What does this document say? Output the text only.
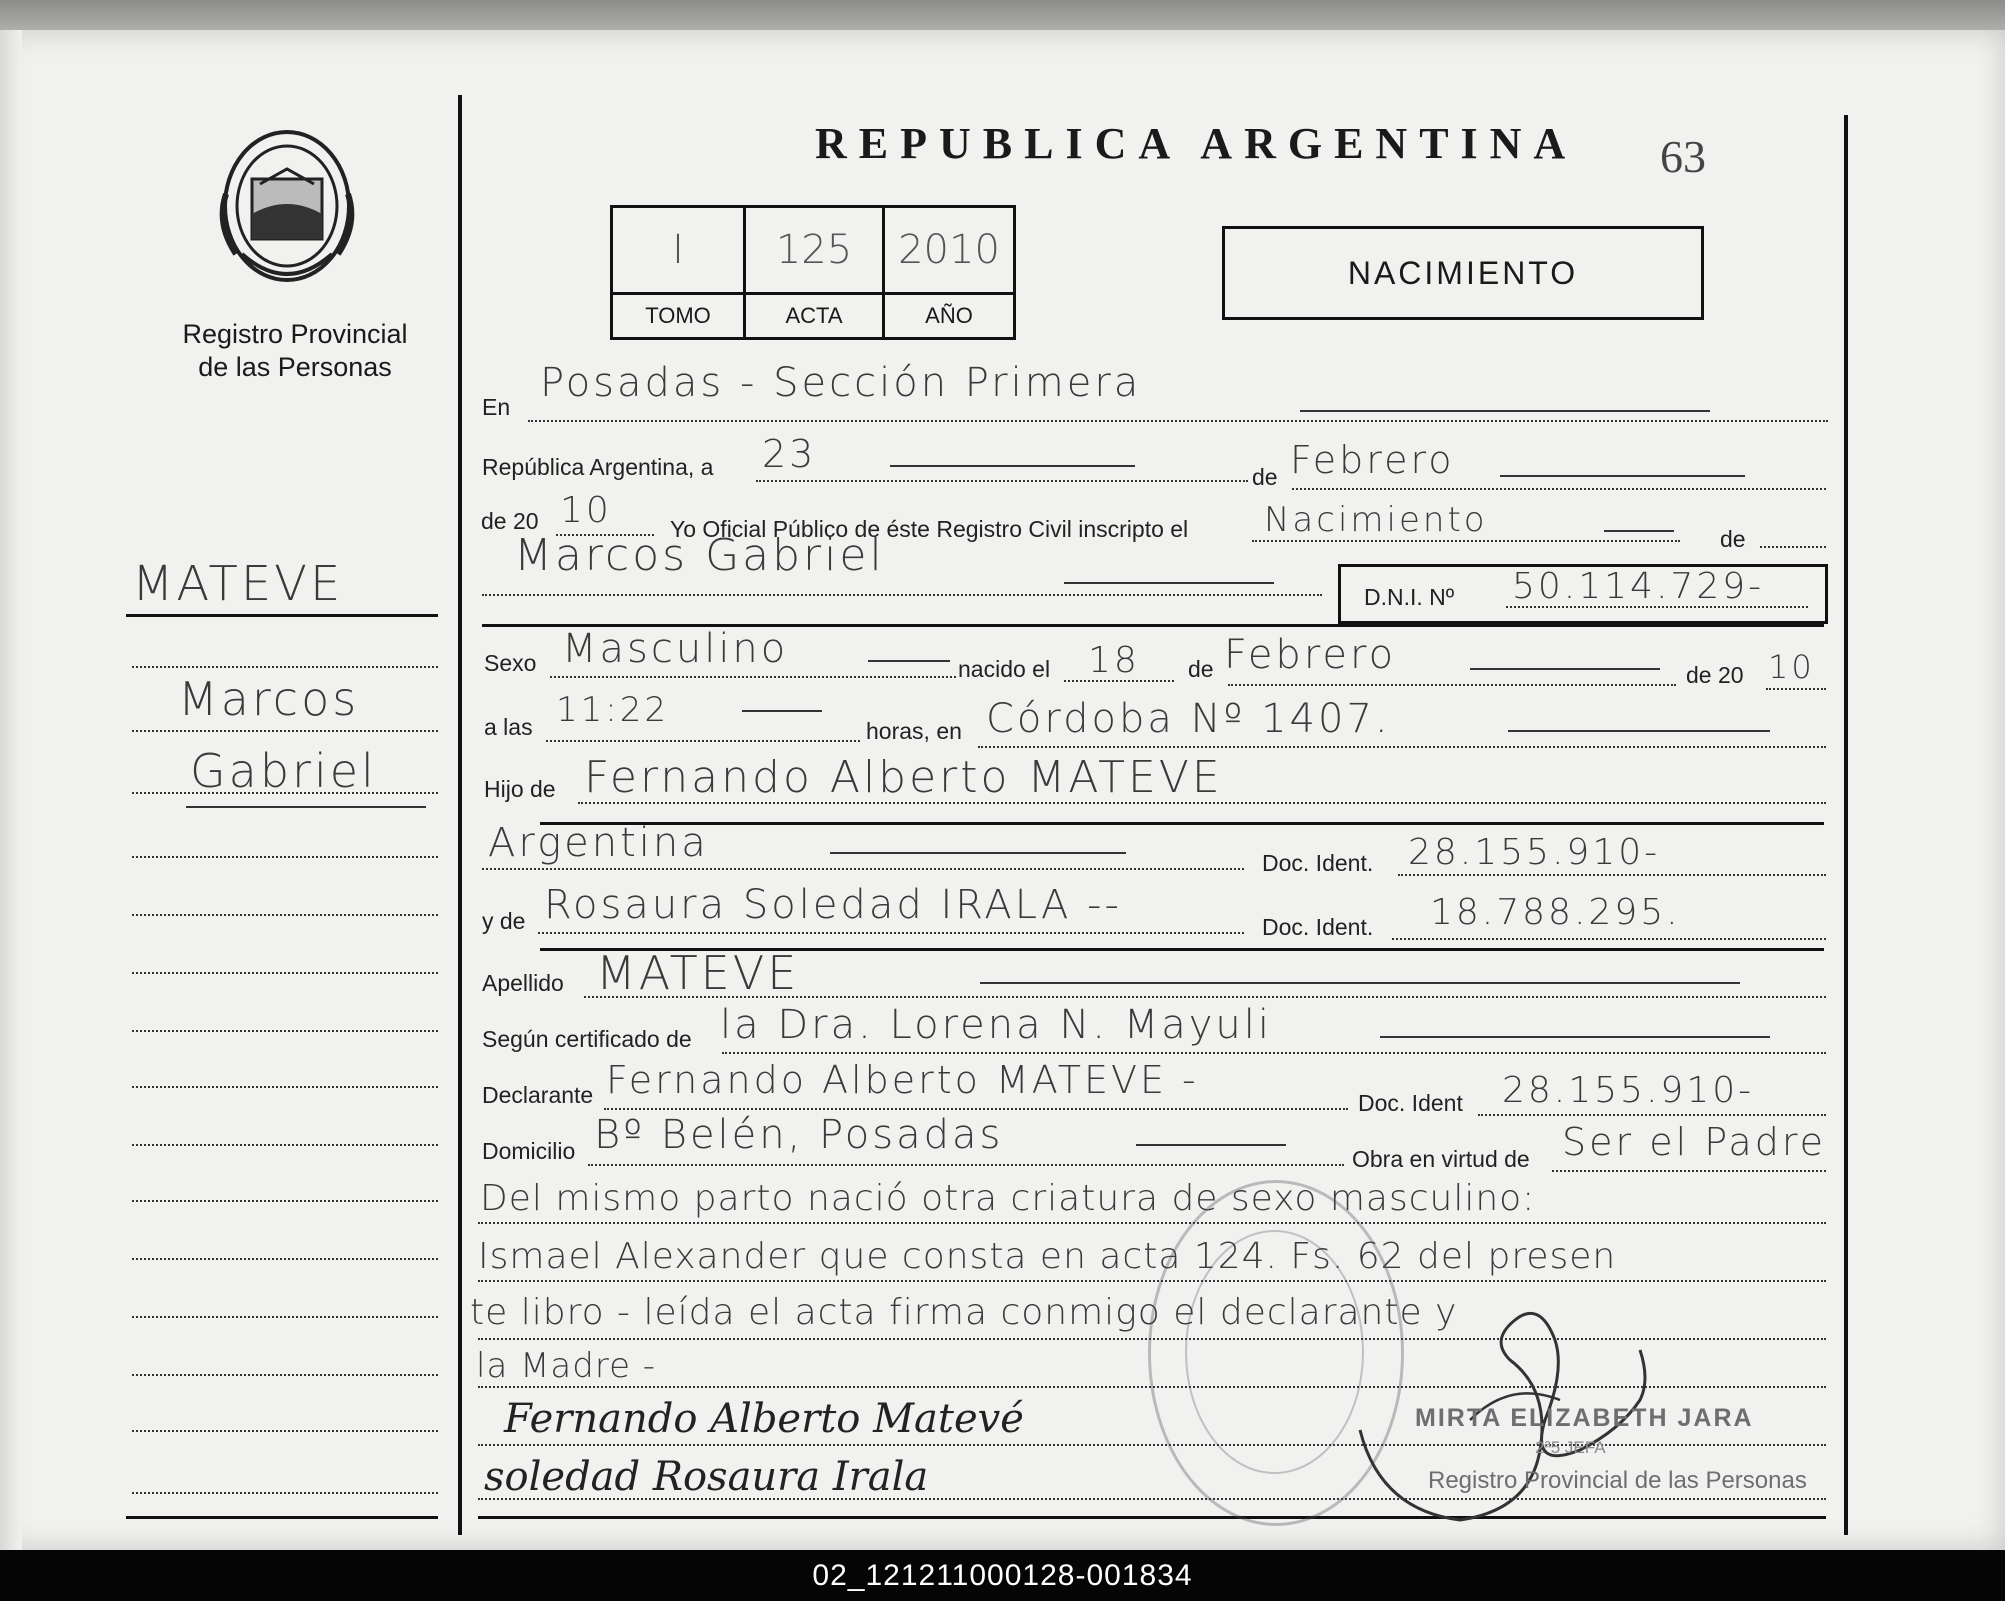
Registro Provincial
de las Personas
REPUBLICA ARGENTINA 63
I	125	2010
TOMO	ACTA	AÑO
NACIMIENTO
MATEVE
Marcos
Gabriel
En
Posadas - Sección Primera
República Argentina, a 23
de Febrero
de 20 10	Yo Oficial Público de éste Registro Civil inscripto el Nacimiento	de
Marcos Gabriel
D.N.I. Nº 50.114.729-
Sexo Masculino	nacido el 18 de Febrero	de 20 10
a las 11:22
horas, en Córdoba Nº 1407.
Hijo de Fernando Alberto MATEVE
Argentina	Doc. Ident. 28.155.910-
y de Rosaura Soledad IRALA --	Doc. Ident. 18.788.295.
Apellido MATEVE
Según certificado de la Dra. Lorena N. Mayuli
Declarante Fernando Alberto MATEVE -
Doc. Ident 28.155.910-
Domicilio Bº Belén, Posadas
Obra en virtud de Ser el Padre
Del mismo parto nació otra criatura de sexo masculino:
Ismael Alexander que consta en acta 124. Fs. 62 del presen
te libro - leída el acta firma conmigo el declarante y
la Madre -
Fernando Alberto Matevé
soledad Rosaura Irala
MIRTA ELIZABETH JARA
2ª5 JEFA
Registro Provincial de las Personas
02_121211000128-001834
